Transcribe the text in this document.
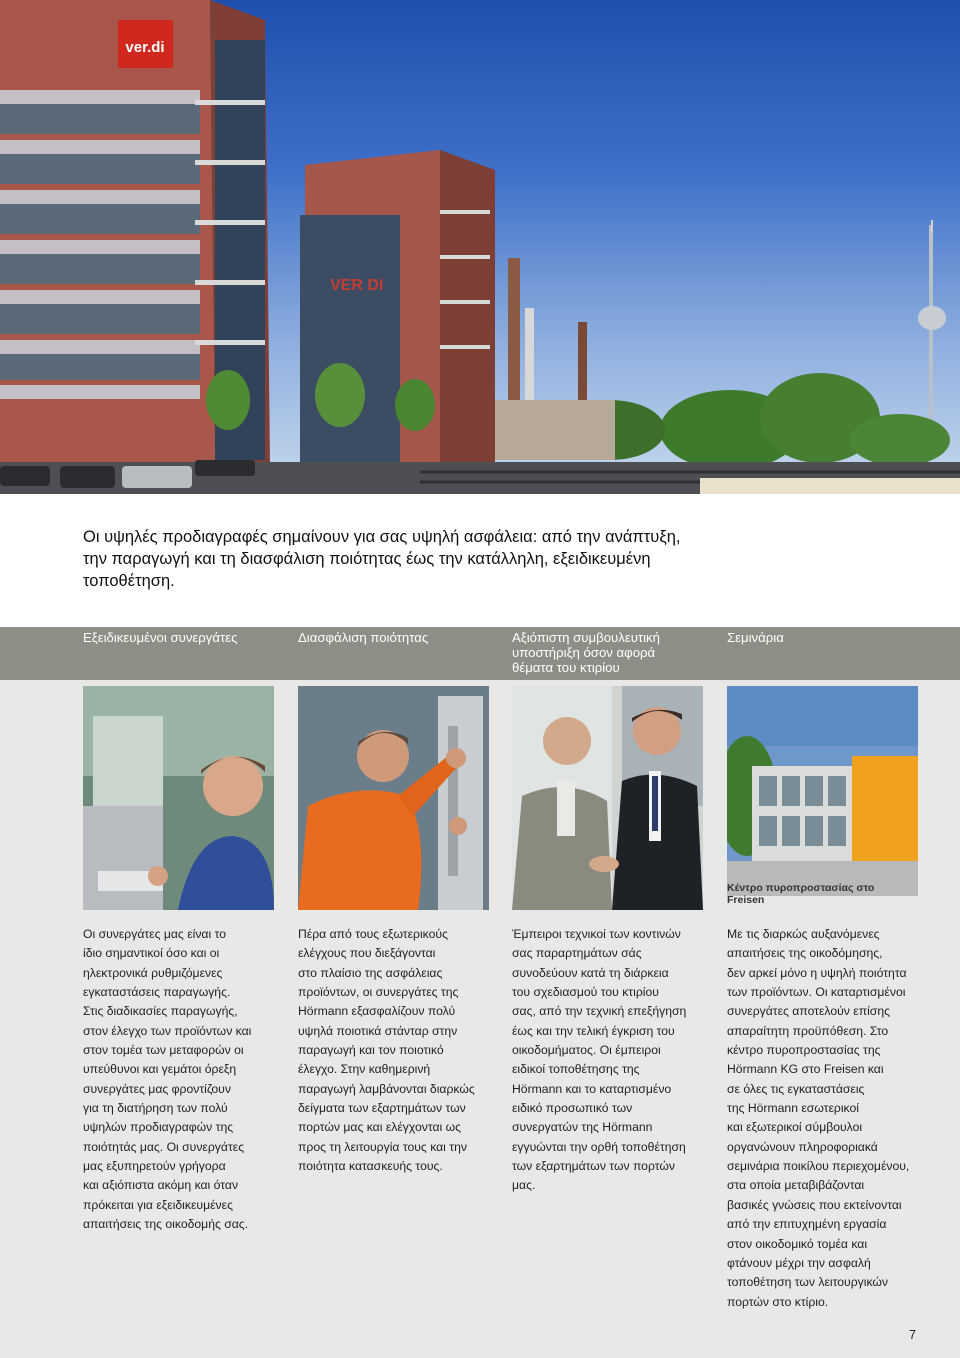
ver.di
VER DI
Οι υψηλές προδιαγραφές σημαίνουν για σας υψηλή ασφάλεια: από την ανάπτυξη,
την παραγωγή και τη διασφάλιση ποιότητας έως την κατάλληλη, εξειδικευμένη
τοποθέτηση.
Εξειδικευμένοι συνεργάτες	Διασφάλιση ποιότητας	Αξιόπιστη συμβουλευτική
υποστήριξη όσον αφορά
θέματα του κτιρίου
Σεμινάρια
Κέντρο πυροπροστασίας στο Freisen
Οι συνεργάτες μας είναι το
ίδιο σημαντικοί όσο και οι
ηλεκτρονικά ρυθμιζόμενες
εγκαταστάσεις παραγωγής.
Στις διαδικασίες παραγωγής,
στον έλεγχο των προϊόντων και
στον τομέα των μεταφορών οι
υπεύθυνοι και γεμάτοι όρεξη
συνεργάτες μας φροντίζουν
για τη διατήρηση των πολύ
υψηλών προδιαγραφών της
ποιότητάς μας. Οι συνεργάτες
μας εξυπηρετούν γρήγορα
και αξιόπιστα ακόμη και όταν
πρόκειται για εξειδικευμένες
απαιτήσεις της οικοδομής σας.
Πέρα από τους εξωτερικούς
ελέγχους που διεξάγονται
στο πλαίσιο της ασφάλειας
προϊόντων, οι συνεργάτες της
Hörmann εξασφαλίζουν πολύ
υψηλά ποιοτικά στάνταρ στην
παραγωγή και τον ποιοτικό
έλεγχο. Στην καθημερινή
παραγωγή λαμβάνονται διαρκώς
δείγματα των εξαρτημάτων των
πορτών μας και ελέγχονται ως
προς τη λειτουργία τους και την
ποιότητα κατασκευής τους.
Έμπειροι τεχνικοί των κοντινών
σας παραρτημάτων σάς
συνοδεύουν κατά τη διάρκεια
του σχεδιασμού του κτιρίου
σας, από την τεχνική επεξήγηση
έως και την τελική έγκριση του
οικοδομήματος. Οι έμπειροι
ειδικοί τοποθέτησης της
Hörmann και το καταρτισμένο
ειδικό προσωπικό των
συνεργατών της Hörmann
εγγυώνται την ορθή τοποθέτηση
των εξαρτημάτων των πορτών
μας.
Με τις διαρκώς αυξανόμενες
απαιτήσεις της οικοδόμησης,
δεν αρκεί μόνο η υψηλή ποιότητα
των προϊόντων. Οι καταρτισμένοι
συνεργάτες αποτελούν επίσης
απαραίτητη προϋπόθεση. Στο
κέντρο πυροπροστασίας της
Hörmann KG στο Freisen και
σε όλες τις εγκαταστάσεις
της Hörmann εσωτερικοί
και εξωτερικοί σύμβουλοι
οργανώνουν πληροφοριακά
σεμινάρια ποικίλου περιεχομένου,
στα οποία μεταβιβάζονται
βασικές γνώσεις που εκτείνονται
από την επιτυχημένη εργασία
στον οικοδομικό τομέα και
φτάνουν μέχρι την ασφαλή
τοποθέτηση των λειτουργικών
πορτών στο κτίριο.
7
